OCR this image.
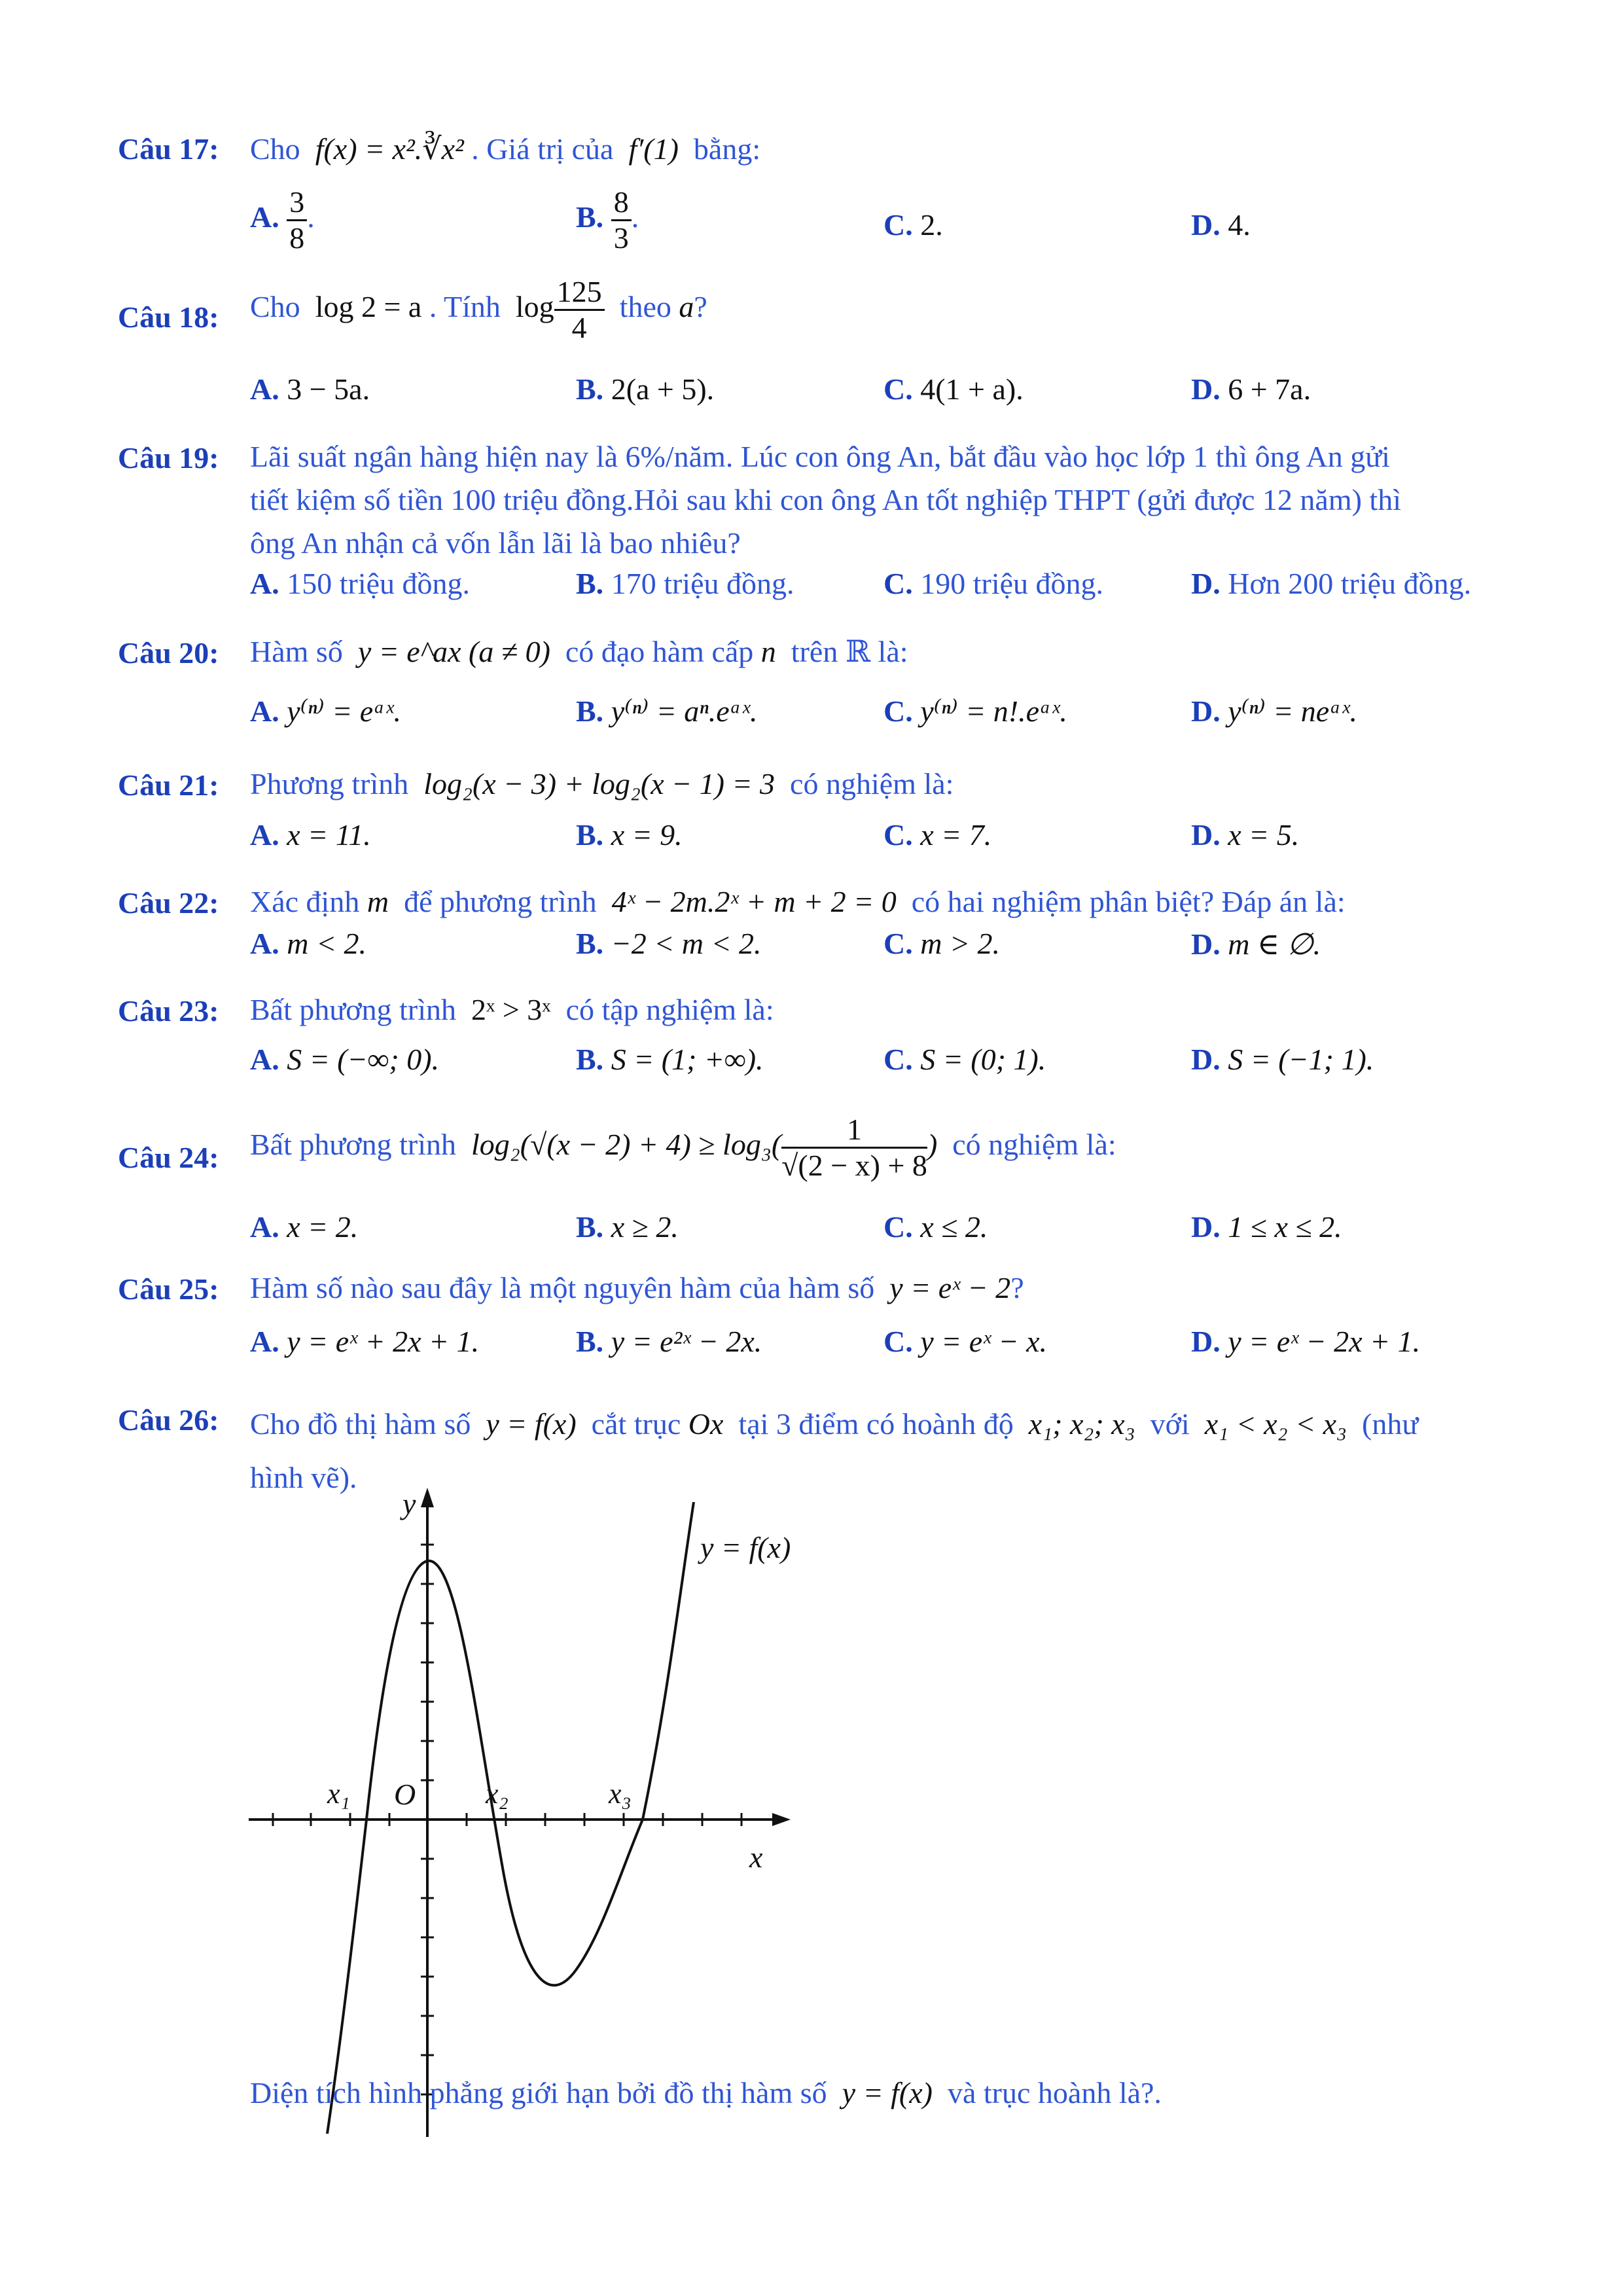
Câu 17: Cho f(x) = x².∛x² . Giá trị của f′(1) bằng:
A. $\frac{3}{8}$ .	B. $\frac{8}{3}$ .	C. 2.	D. 4.
Câu 18: Cho log 2 = a . Tính $\log \frac{125}{4}$ theo a?
A. 3 − 5a.	B. 2(a + 5).	C. 4(1 + a).	D. 6 + 7a.
Câu 19: Lãi suất ngân hàng hiện nay là 6%/năm. Lúc con ông An, bắt đầu vào học lớp 1 thì ông An gửi
tiết kiệm số tiền 100 triệu đồng.Hỏi sau khi con ông An tốt nghiệp THPT (gửi được 12 năm) thì
ông An nhận cả vốn lẫn lãi là bao nhiêu?
A. 150 triệu đồng.	B. 170 triệu đồng.	C. 190 triệu đồng.	D. Hơn 200 triệu đồng.
Câu 20: Hàm số y = e^ax (a ≠ 0) có đạo hàm cấp n trên ℝ là:
A. y⁽ⁿ⁾ = eᵃˣ.	B. y⁽ⁿ⁾ = aⁿ.eᵃˣ.	C. y⁽ⁿ⁾ = n!.eᵃˣ.	D. y⁽ⁿ⁾ = neᵃˣ.
Câu 21: Phương trình log₂(x − 3) + log₂(x − 1) = 3 có nghiệm là:
A. x = 11.	B. x = 9.	C. x = 7.	D. x = 5.
Câu 22: Xác định m để phương trình 4ˣ − 2m.2ˣ + m + 2 = 0 có hai nghiệm phân biệt? Đáp án là:
A. m < 2.	B. −2 < m < 2.	C. m > 2.	D. m ∈ ∅.
Câu 23: Bất phương trình 2ˣ > 3ˣ có tập nghiệm là:
A. S = (−∞; 0).	B. S = (1; +∞).	C. S = (0; 1).	D. S = (−1; 1).
Câu 24: Bất phương trình $\log_2(√(x - 2) + 4) \ge \log_3( \frac{1}{√(2 - x) + 8}$ ) có nghiệm là:
A. x = 2.	B. x ≥ 2.	C. x ≤ 2.	D. 1 ≤ x ≤ 2.
Câu 25: Hàm số nào sau đây là một nguyên hàm của hàm số y = eˣ − 2?
A. y = eˣ + 2x + 1.	B. y = e²ˣ − 2x.	C. y = eˣ − x.	D. y = eˣ − 2x + 1.
Câu 26: Cho đồ thị hàm số y = f(x) cắt trục Ox tại 3 điểm có hoành độ x₁; x₂; x₃ với x₁ < x₂ < x₃ (như
hình vẽ).
y
x
O
y = f(x)
x₁	x₂	x₃
Diện tích hình phẳng giới hạn bởi đồ thị hàm số y = f(x) và trục hoành là?.
